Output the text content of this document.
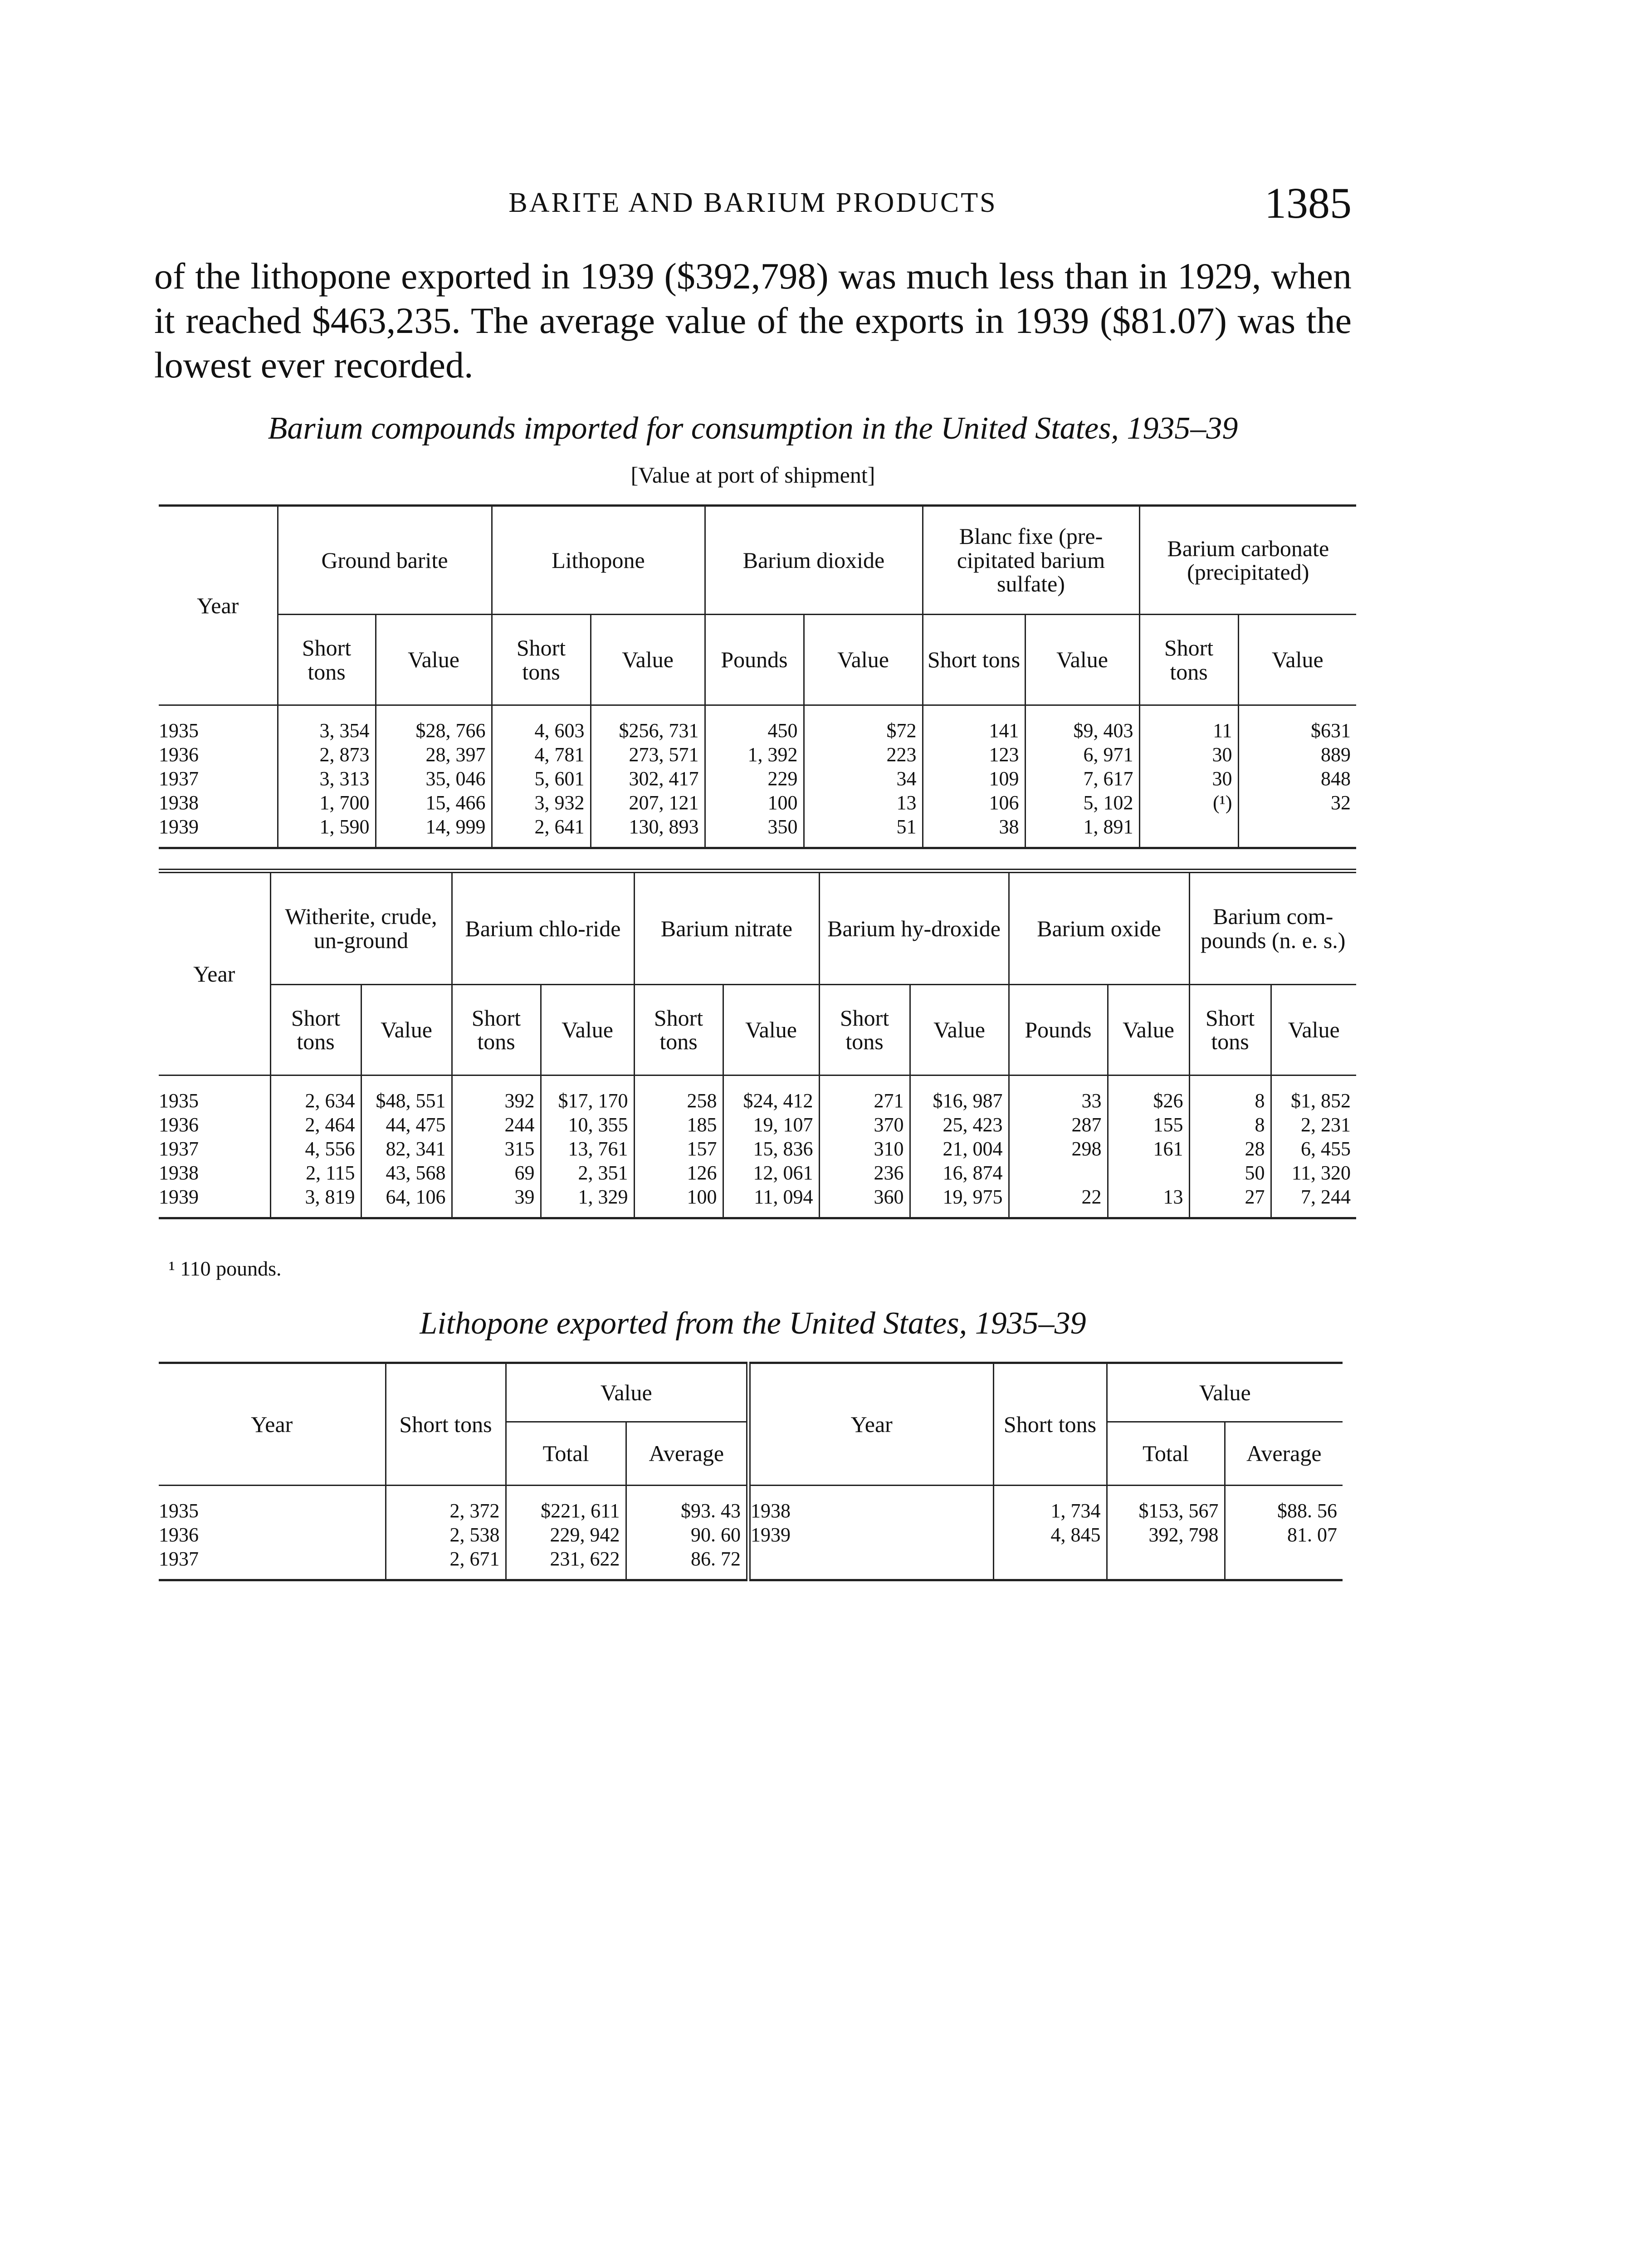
BARITE AND BARIUM PRODUCTS	1385

of the lithopone exported in 1939 ($392,798) was much less than in 1929, when it reached $463,235. The average value of the exports in 1939 ($81.07) was the lowest ever recorded.

Barium compounds imported for consumption in the United States, 1935–39
[Value at port of shipment]
Year	Ground barite		Lithopone		Barium dioxide		Blanc fixe (pre-cipitated barium sulfate)		Barium carbonate (precipitated)	
	Short tons	Value	Short tons	Value	Pounds	Value	Short tons	Value	Short tons	Value
1935	3, 354	$28, 766	4, 603	$256, 731	450	$72	141	$9, 403	11	$631
1936	2, 873	28, 397	4, 781	273, 571	1, 392	223	123	6, 971	30	889
1937	3, 313	35, 046	5, 601	302, 417	229	34	109	7, 617	30	848
1938	1, 700	15, 466	3, 932	207, 121	100	13	106	5, 102	(¹)	32
1939	1, 590	14, 999	2, 641	130, 893	350	51	38	1, 891		
Year	Witherite, crude, un-ground		Barium chlo-ride		Barium nitrate		Barium hy-droxide		Barium oxide		Barium com-pounds (n. e. s.)	
	Short tons	Value	Short tons	Value	Short tons	Value	Short tons	Value	Pounds	Value	Short tons	Value
1935	2, 634	$48, 551	392	$17, 170	258	$24, 412	271	$16, 987	33	$26	8	$1, 852
1936	2, 464	44, 475	244	10, 355	185	19, 107	370	25, 423	287	155	8	2, 231
1937	4, 556	82, 341	315	13, 761	157	15, 836	310	21, 004	298	161	28	6, 455
1938	2, 115	43, 568	69	2, 351	126	12, 061	236	16, 874			50	11, 320
1939	3, 819	64, 106	39	1, 329	100	11, 094	360	19, 975	22	13	27	7, 244
¹ 110 pounds.
Lithopone exported from the United States, 1935–39
Year	Short tons	Value		Year	Short tons	Value	
		Total	Average			Total	Average
1935	2, 372	$221, 611	$93. 43	1938	1, 734	$153, 567	$88. 56
1936	2, 538	229, 942	90. 60	1939	4, 845	392, 798	81. 07
1937	2, 671	231, 622	86. 72				
